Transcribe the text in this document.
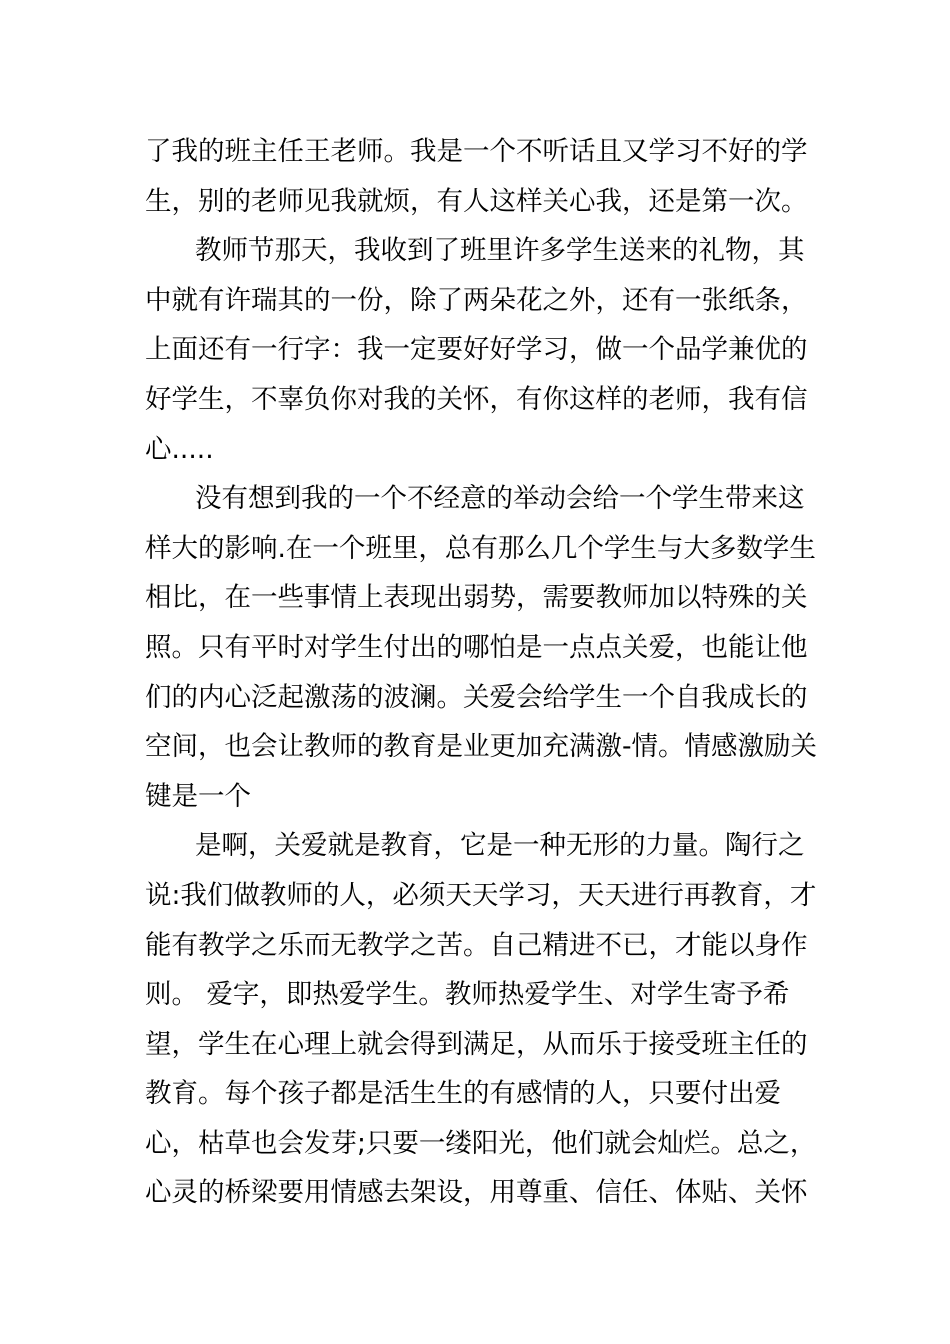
了我的班主任王老师。我是一个不听话且又学习不好的学
生，别的老师见我就烦，有人这样关心我，还是第一次。
教师节那天，我收到了班里许多学生送来的礼物，其
中就有许瑞其的一份，除了两朵花之外，还有一张纸条，
上面还有一行字：我一定要好好学习，做一个品学兼优的
好学生，不辜负你对我的关怀，有你这样的老师，我有信
心.....
没有想到我的一个不经意的举动会给一个学生带来这
样大的影响.在一个班里，总有那么几个学生与大多数学生
相比，在一些事情上表现出弱势，需要教师加以特殊的关
照。只有平时对学生付出的哪怕是一点点关爱，也能让他
们的内心泛起激荡的波澜。关爱会给学生一个自我成长的
空间，也会让教师的教育是业更加充满激-情。情感激励关
键是一个
是啊，关爱就是教育，它是一种无形的力量。陶行之
说:我们做教师的人，必须天天学习，天天进行再教育，才
能有教学之乐而无教学之苦。自己精进不已，才能以身作
则。 爱字，即热爱学生。教师热爱学生、对学生寄予希
望，学生在心理上就会得到满足，从而乐于接受班主任的
教育。每个孩子都是活生生的有感情的人，只要付出爱
心，枯草也会发芽;只要一缕阳光，他们就会灿烂。总之，
心灵的桥梁要用情感去架设，用尊重、信任、体贴、关怀
